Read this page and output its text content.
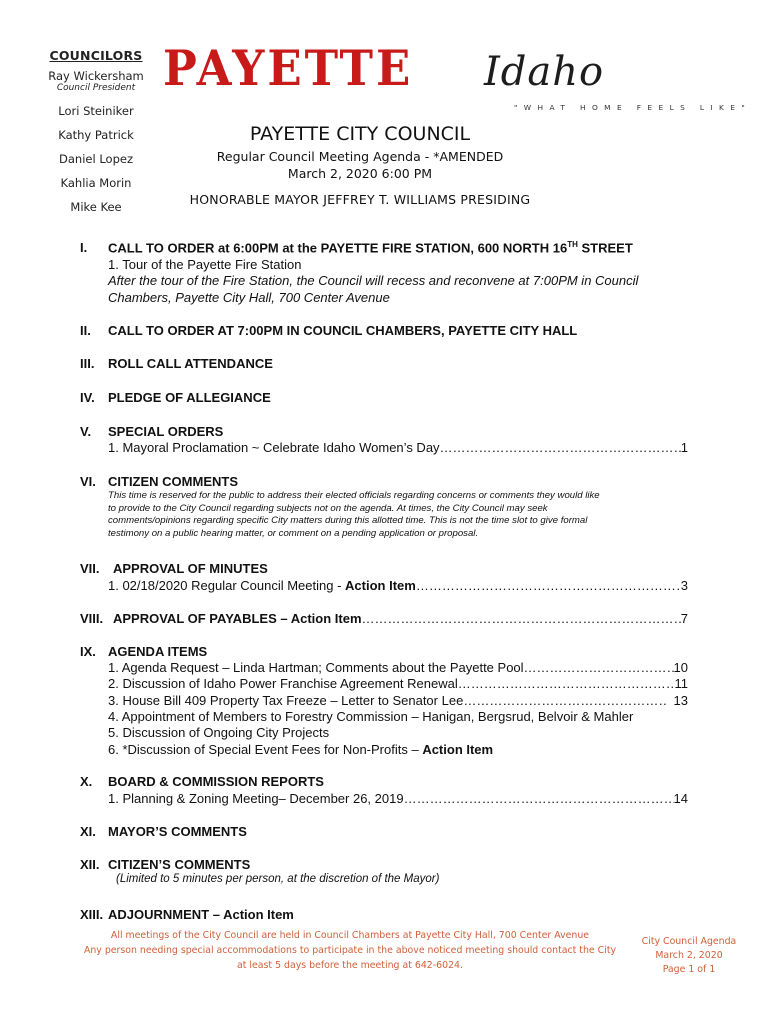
COUNCILORS
Ray Wickersham
Council President
Lori Steiniker
Kathy Patrick
Daniel Lopez
Kahlia Morin
Mike Kee
PAYETTE Idaho
"WHAT HOME FEELS LIKE"
PAYETTE CITY COUNCIL
Regular Council Meeting Agenda - *AMENDED
March 2, 2020 6:00 PM
HONORABLE MAYOR JEFFREY T. WILLIAMS PRESIDING
I. CALL TO ORDER at 6:00PM at the PAYETTE FIRE STATION, 600 NORTH 16TH STREET
1. Tour of the Payette Fire Station
After the tour of the Fire Station, the Council will recess and reconvene at 7:00PM in Council
Chambers, Payette City Hall, 700 Center Avenue
II. CALL TO ORDER AT 7:00PM IN COUNCIL CHAMBERS, PAYETTE CITY HALL
III. ROLL CALL ATTENDANCE
IV. PLEDGE OF ALLEGIANCE
V. SPECIAL ORDERS
1. Mayoral Proclamation ~ Celebrate Idaho Women’s Day …………………………………………………………………………………………………………………………	1
VI. CITIZEN COMMENTS
This time is reserved for the public to address their elected officials regarding concerns or comments they would like
to provide to the City Council regarding subjects not on the agenda. At times, the City Council may seek
comments/opinions regarding specific City matters during this allotted time. This is not the time slot to give formal
testimony on a public hearing matter, or comment on a pending application or proposal.
VII. APPROVAL OF MINUTES
1. 02/18/2020 Regular Council Meeting - Action Item …………………………………………………………………………………………………………………………	3
VIII. APPROVAL OF PAYABLES – Action Item …………………………………………………………………………………………………………………………	7
IX. AGENDA ITEMS
1. Agenda Request – Linda Hartman; Comments about the Payette Pool …………………………………………………………………………………………………………………………	10
2. Discussion of Idaho Power Franchise Agreement Renewal …………………………………………………………………………………………………………………………	11
3. House Bill 409 Property Tax Freeze – Letter to Senator Lee …………………………………………………………………………………………………………………………	13
4. Appointment of Members to Forestry Commission – Hanigan, Bergsrud, Belvoir & Mahler
5. Discussion of Ongoing City Projects
6. *Discussion of Special Event Fees for Non-Profits – Action Item
X. BOARD & COMMISSION REPORTS
1. Planning & Zoning Meeting– December 26, 2019 …………………………………………………………………………………………………………………………	14
XI. MAYOR’S COMMENTS
XII. CITIZEN’S COMMENTS
(Limited to 5 minutes per person, at the discretion of the Mayor)
XIII. ADJOURNMENT – Action Item
All meetings of the City Council are held in Council Chambers at Payette City Hall, 700 Center Avenue
Any person needing special accommodations to participate in the above noticed meeting should contact the City
at least 5 days before the meeting at 642-6024.
City Council Agenda
March 2, 2020
Page 1 of 1
